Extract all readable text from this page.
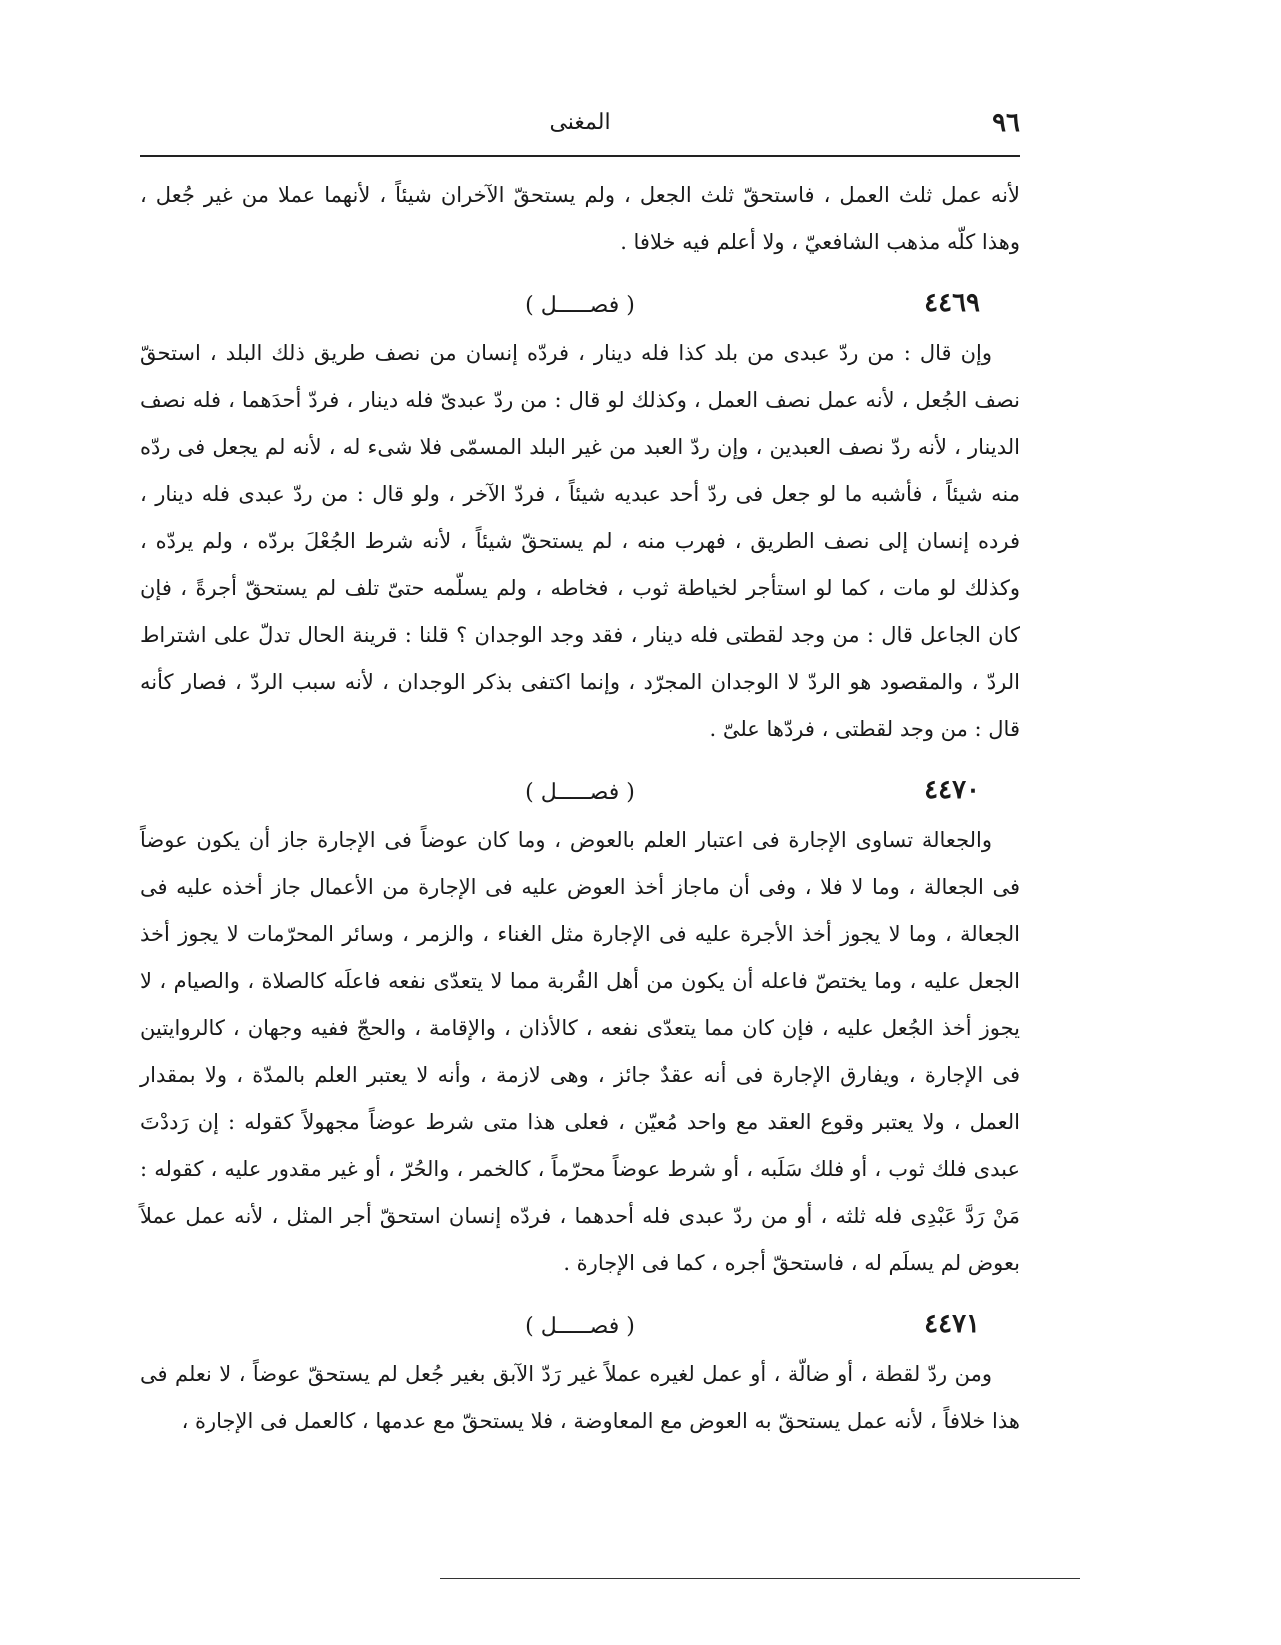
٩٦
المغنى

لأنه عمل ثلث العمل ، فاستحقّ ثلث الجعل ، ولم يستحقّ الآخران شيئاً ، لأنهما عملا من غير جُعل ، وهذا كلّه مذهب الشافعيّ ، ولا أعلم فيه خلافا .

٤٤٦٩
( فصـــــل )

وإن قال : من ردّ عبدى من بلد كذا فله دينار ، فردّه إنسان من نصف طريق ذلك البلد ، استحقّ نصف الجُعل ، لأنه عمل نصف العمل ، وكذلك لو قال : من ردّ عبدىّ فله دينار ، فردّ أحدَهما ، فله نصف الدينار ، لأنه ردّ نصف العبدين ، وإن ردّ العبد من غير البلد المسمّى فلا شىء له ، لأنه لم يجعل فى ردّه منه شيئاً ، فأشبه ما لو جعل فى ردّ أحد عبديه شيئاً ، فردّ الآخر ، ولو قال : من ردّ عبدى فله دينار ، فرده إنسان إلى نصف الطريق ، فهرب منه ، لم يستحقّ شيئاً ، لأنه شرط الجُعْلَ بردّه ، ولم يردّه ، وكذلك لو مات ، كما لو استأجر لخياطة ثوب ، فخاطه ، ولم يسلّمه حتىّ تلف لم يستحقّ أجرةً ، فإن كان الجاعل قال : من وجد لقطتى فله دينار ، فقد وجد الوجدان ؟ قلنا : قرينة الحال تدلّ على اشتراط الردّ ، والمقصود هو الردّ لا الوجدان المجرّد ، وإنما اكتفى بذكر الوجدان ، لأنه سبب الردّ ، فصار كأنه قال : من وجد لقطتى ، فردّها علىّ .

٤٤٧٠
( فصـــــل )

والجعالة تساوى الإجارة فى اعتبار العلم بالعوض ، وما كان عوضاً فى الإجارة جاز أن يكون عوضاً فى الجعالة ، وما لا فلا ، وفى أن ماجاز أخذ العوض عليه فى الإجارة من الأعمال جاز أخذه عليه فى الجعالة ، وما لا يجوز أخذ الأجرة عليه فى الإجارة مثل الغناء ، والزمر ، وسائر المحرّمات لا يجوز أخذ الجعل عليه ، وما يختصّ فاعله أن يكون من أهل القُربة مما لا يتعدّى نفعه فاعلَه كالصلاة ، والصيام ، لا يجوز أخذ الجُعل عليه ، فإن كان مما يتعدّى نفعه ، كالأذان ، والإقامة ، والحجّ ففيه وجهان ، كالروايتين فى الإجارة ، ويفارق الإجارة فى أنه عقدٌ جائز ، وهى لازمة ، وأنه لا يعتبر العلم بالمدّة ، ولا بمقدار العمل ، ولا يعتبر وقوع العقد مع واحد مُعيّن ، فعلى هذا متى شرط عوضاً مجهولاً كقوله : إن رَددْتَ عبدى فلك ثوب ، أو فلك سَلَبه ، أو شرط عوضاً محرّماً ، كالخمر ، والحُرّ ، أو غير مقدور عليه ، كقوله : مَنْ رَدَّ عَبْدِى فله ثلثه ، أو من ردّ عبدى فله أحدهما ، فردّه إنسان استحقّ أجر المثل ، لأنه عمل عملاً بعوض لم يسلَم له ، فاستحقّ أجره ، كما فى الإجارة .

٤٤٧١
( فصـــــل )

ومن ردّ لقطة ، أو ضالّة ، أو عمل لغيره عملاً غير رَدّ الآبق بغير جُعل لم يستحقّ عوضاً ، لا نعلم فى هذا خلافاً ، لأنه عمل يستحقّ به العوض مع المعاوضة ، فلا يستحقّ مع عدمها ، كالعمل فى الإجارة ،
